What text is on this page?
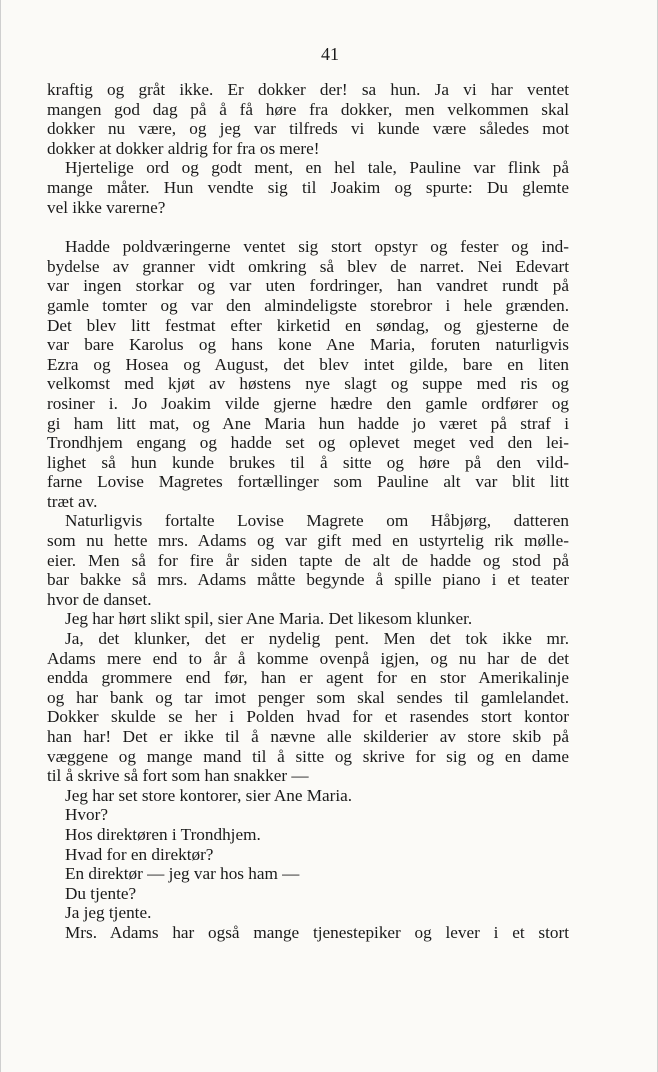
41
kraftig og gråt ikke. Er dokker der! sa hun. Ja vi har ventet
mangen god dag på å få høre fra dokker, men velkommen skal
dokker nu være, og jeg var tilfreds vi kunde være således mot
dokker at dokker aldrig for fra os mere!
Hjertelige ord og godt ment, en hel tale, Pauline var flink på
mange måter. Hun vendte sig til Joakim og spurte: Du glemte
vel ikke varerne?
Hadde poldværingerne ventet sig stort opstyr og fester og ind-
bydelse av granner vidt omkring så blev de narret. Nei Edevart
var ingen storkar og var uten fordringer, han vandret rundt på
gamle tomter og var den almindeligste storebror i hele grænden.
Det blev litt festmat efter kirketid en søndag, og gjesterne de
var bare Karolus og hans kone Ane Maria, foruten naturligvis
Ezra og Hosea og August, det blev intet gilde, bare en liten
velkomst med kjøt av høstens nye slagt og suppe med ris og
rosiner i. Jo Joakim vilde gjerne hædre den gamle ordfører og
gi ham litt mat, og Ane Maria hun hadde jo været på straf i
Trondhjem engang og hadde set og oplevet meget ved den lei-
lighet så hun kunde brukes til å sitte og høre på den vild-
farne Lovise Magretes fortællinger som Pauline alt var blit litt
træt av.
Naturligvis fortalte Lovise Magrete om Håbjørg, datteren
som nu hette mrs. Adams og var gift med en ustyrtelig rik mølle-
eier. Men så for fire år siden tapte de alt de hadde og stod på
bar bakke så mrs. Adams måtte begynde å spille piano i et teater
hvor de danset.
Jeg har hørt slikt spil, sier Ane Maria. Det likesom klunker.
Ja, det klunker, det er nydelig pent. Men det tok ikke mr.
Adams mere end to år å komme ovenpå igjen, og nu har de det
endda grommere end før, han er agent for en stor Amerikalinje
og har bank og tar imot penger som skal sendes til gamlelandet.
Dokker skulde se her i Polden hvad for et rasendes stort kontor
han har! Det er ikke til å nævne alle skilderier av store skib på
væggene og mange mand til å sitte og skrive for sig og en dame
til å skrive så fort som han snakker —
Jeg har set store kontorer, sier Ane Maria.
Hvor?
Hos direktøren i Trondhjem.
Hvad for en direktør?
En direktør — jeg var hos ham —
Du tjente?
Ja jeg tjente.
Mrs. Adams har også mange tjenestepiker og lever i et stort
